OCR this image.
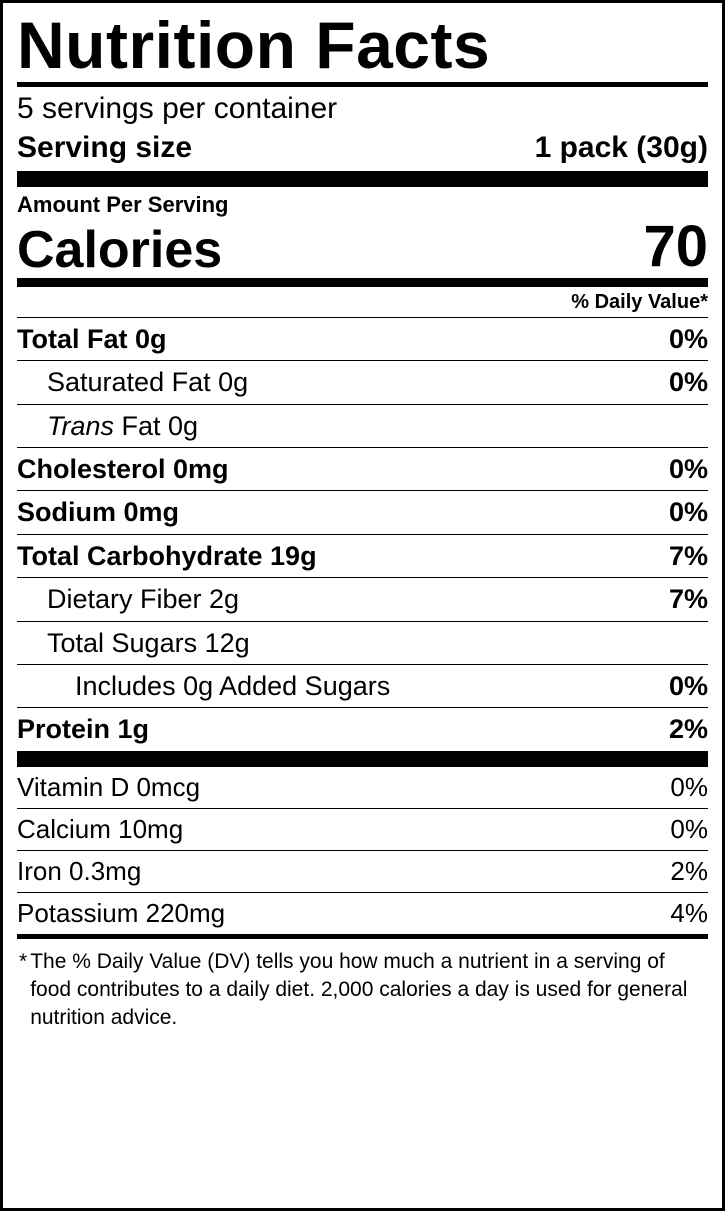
Nutrition Facts
5 servings per container
Serving size	1 pack (30g)
Amount Per Serving
Calories	70
% Daily Value*
Total Fat 0g	0%
Saturated Fat 0g	0%
Trans Fat 0g
Cholesterol 0mg	0%
Sodium 0mg	0%
Total Carbohydrate 19g	7%
Dietary Fiber 2g	7%
Total Sugars 12g
Includes 0g Added Sugars	0%
Protein 1g	2%
Vitamin D 0mcg	0%
Calcium 10mg	0%
Iron 0.3mg	2%
Potassium 220mg	4%
* The % Daily Value (DV) tells you how much a nutrient in a serving of food contributes to a daily diet. 2,000 calories a day is used for general nutrition advice.
